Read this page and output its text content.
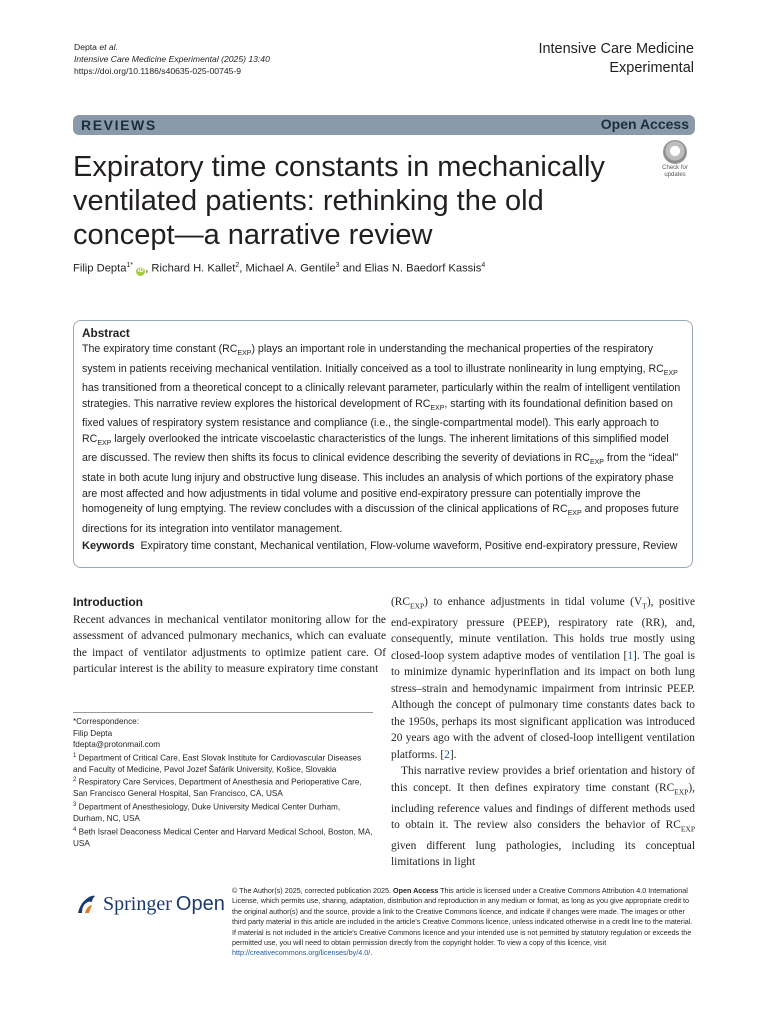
Depta et al.
Intensive Care Medicine Experimental (2025) 13:40
https://doi.org/10.1186/s40635-025-00745-9
Intensive Care Medicine
Experimental
REVIEWS	Open Access
Expiratory time constants in mechanically ventilated patients: rethinking the old concept—a narrative review
Check for
updates
Filip Depta$^{1*}$ iD , Richard H. Kallet$^2$, Michael A. Gentile$^3$ and Elias N. Baedorf Kassis$^4$
Abstract
The expiratory time constant $(RC_{EXP})$ plays an important role in understanding the mechanical properties of the respiratory system in patients receiving mechanical ventilation. Initially conceived as a tool to illustrate nonlinearity in lung emptying, $RC_{EXP}$ has transitioned from a theoretical concept to a clinically relevant parameter, particularly within the realm of intelligent ventilation strategies. This narrative review explores the historical development of $RC_{EXP}$, starting with its foundational definition based on fixed values of respiratory system resistance and compliance (i.e., the single-compartmental model). This early approach to $RC_{EXP}$ largely overlooked the intricate viscoelastic characteristics of the lungs. The inherent limitations of this simplified model are discussed. The review then shifts its focus to clinical evidence describing the severity of deviations in $RC_{EXP}$ from the “ideal” state in both acute lung injury and obstructive lung disease. This includes an analysis of which portions of the expiratory phase are most affected and how adjustments in tidal volume and positive end-expiratory pressure can potentially improve the homogeneity of lung emptying. The review concludes with a discussion of the clinical applications of $RC_{EXP}$ and proposes future directions for its integration into ventilator management.
Keywords Expiratory time constant, Mechanical ventilation, Flow-volume waveform, Positive end-expiratory pressure, Review
Introduction
Recent advances in mechanical ventilator monitoring allow for the assessment of advanced pulmonary mechanics, which can evaluate the impact of ventilator adjustments to optimize patient care. Of particular interest is the ability to measure expiratory time constant
$(RC_{EXP})$ to enhance adjustments in tidal volume $(V_T)$, positive end-expiratory pressure (PEEP), respiratory rate (RR), and, consequently, minute ventilation. This holds true mostly using closed-loop system adaptive modes of ventilation [1]. The goal is to minimize dynamic hyperinflation and its impact on both lung stress–strain and hemodynamic impairment from intrinsic PEEP. Although the concept of pulmonary time constants dates back to the 1950s, perhaps its most significant application was introduced 20 years ago with the advent of closed-loop intelligent ventilation platforms. [2].
This narrative review provides a brief orientation and history of this concept. It then defines expiratory time constant $(RC_{EXP})$, including reference values and findings of different methods used to obtain it. The review also considers the behavior of $RC_{EXP}$ given different lung pathologies, including its conceptual limitations in light
*Correspondence:
Filip Depta
fdepta@protonmail.com
$^1$ Department of Critical Care, East Slovak Institute for Cardiovascular Diseases and Faculty of Medicine, Pavol Jozef Šafárik University, Košice, Slovakia
$^2$ Respiratory Care Services, Department of Anesthesia and Perioperative Care, San Francisco General Hospital, San Francisco, CA, USA
$^3$ Department of Anesthesiology, Duke University Medical Center Durham, Durham, NC, USA
$^4$ Beth Israel Deaconess Medical Center and Harvard Medical School, Boston, MA, USA
Springer Open
© The Author(s) 2025, corrected publication 2025. Open Access This article is licensed under a Creative Commons Attribution 4.0 International License, which permits use, sharing, adaptation, distribution and reproduction in any medium or format, as long as you give appropriate credit to the original author(s) and the source, provide a link to the Creative Commons licence, and indicate if changes were made. The images or other third party material in this article are included in the article's Creative Commons licence, unless indicated otherwise in a credit line to the material. If material is not included in the article's Creative Commons licence and your intended use is not permitted by statutory regulation or exceeds the permitted use, you will need to obtain permission directly from the copyright holder. To view a copy of this licence, visit http://creativecommons.org/licenses/by/4.0/.
